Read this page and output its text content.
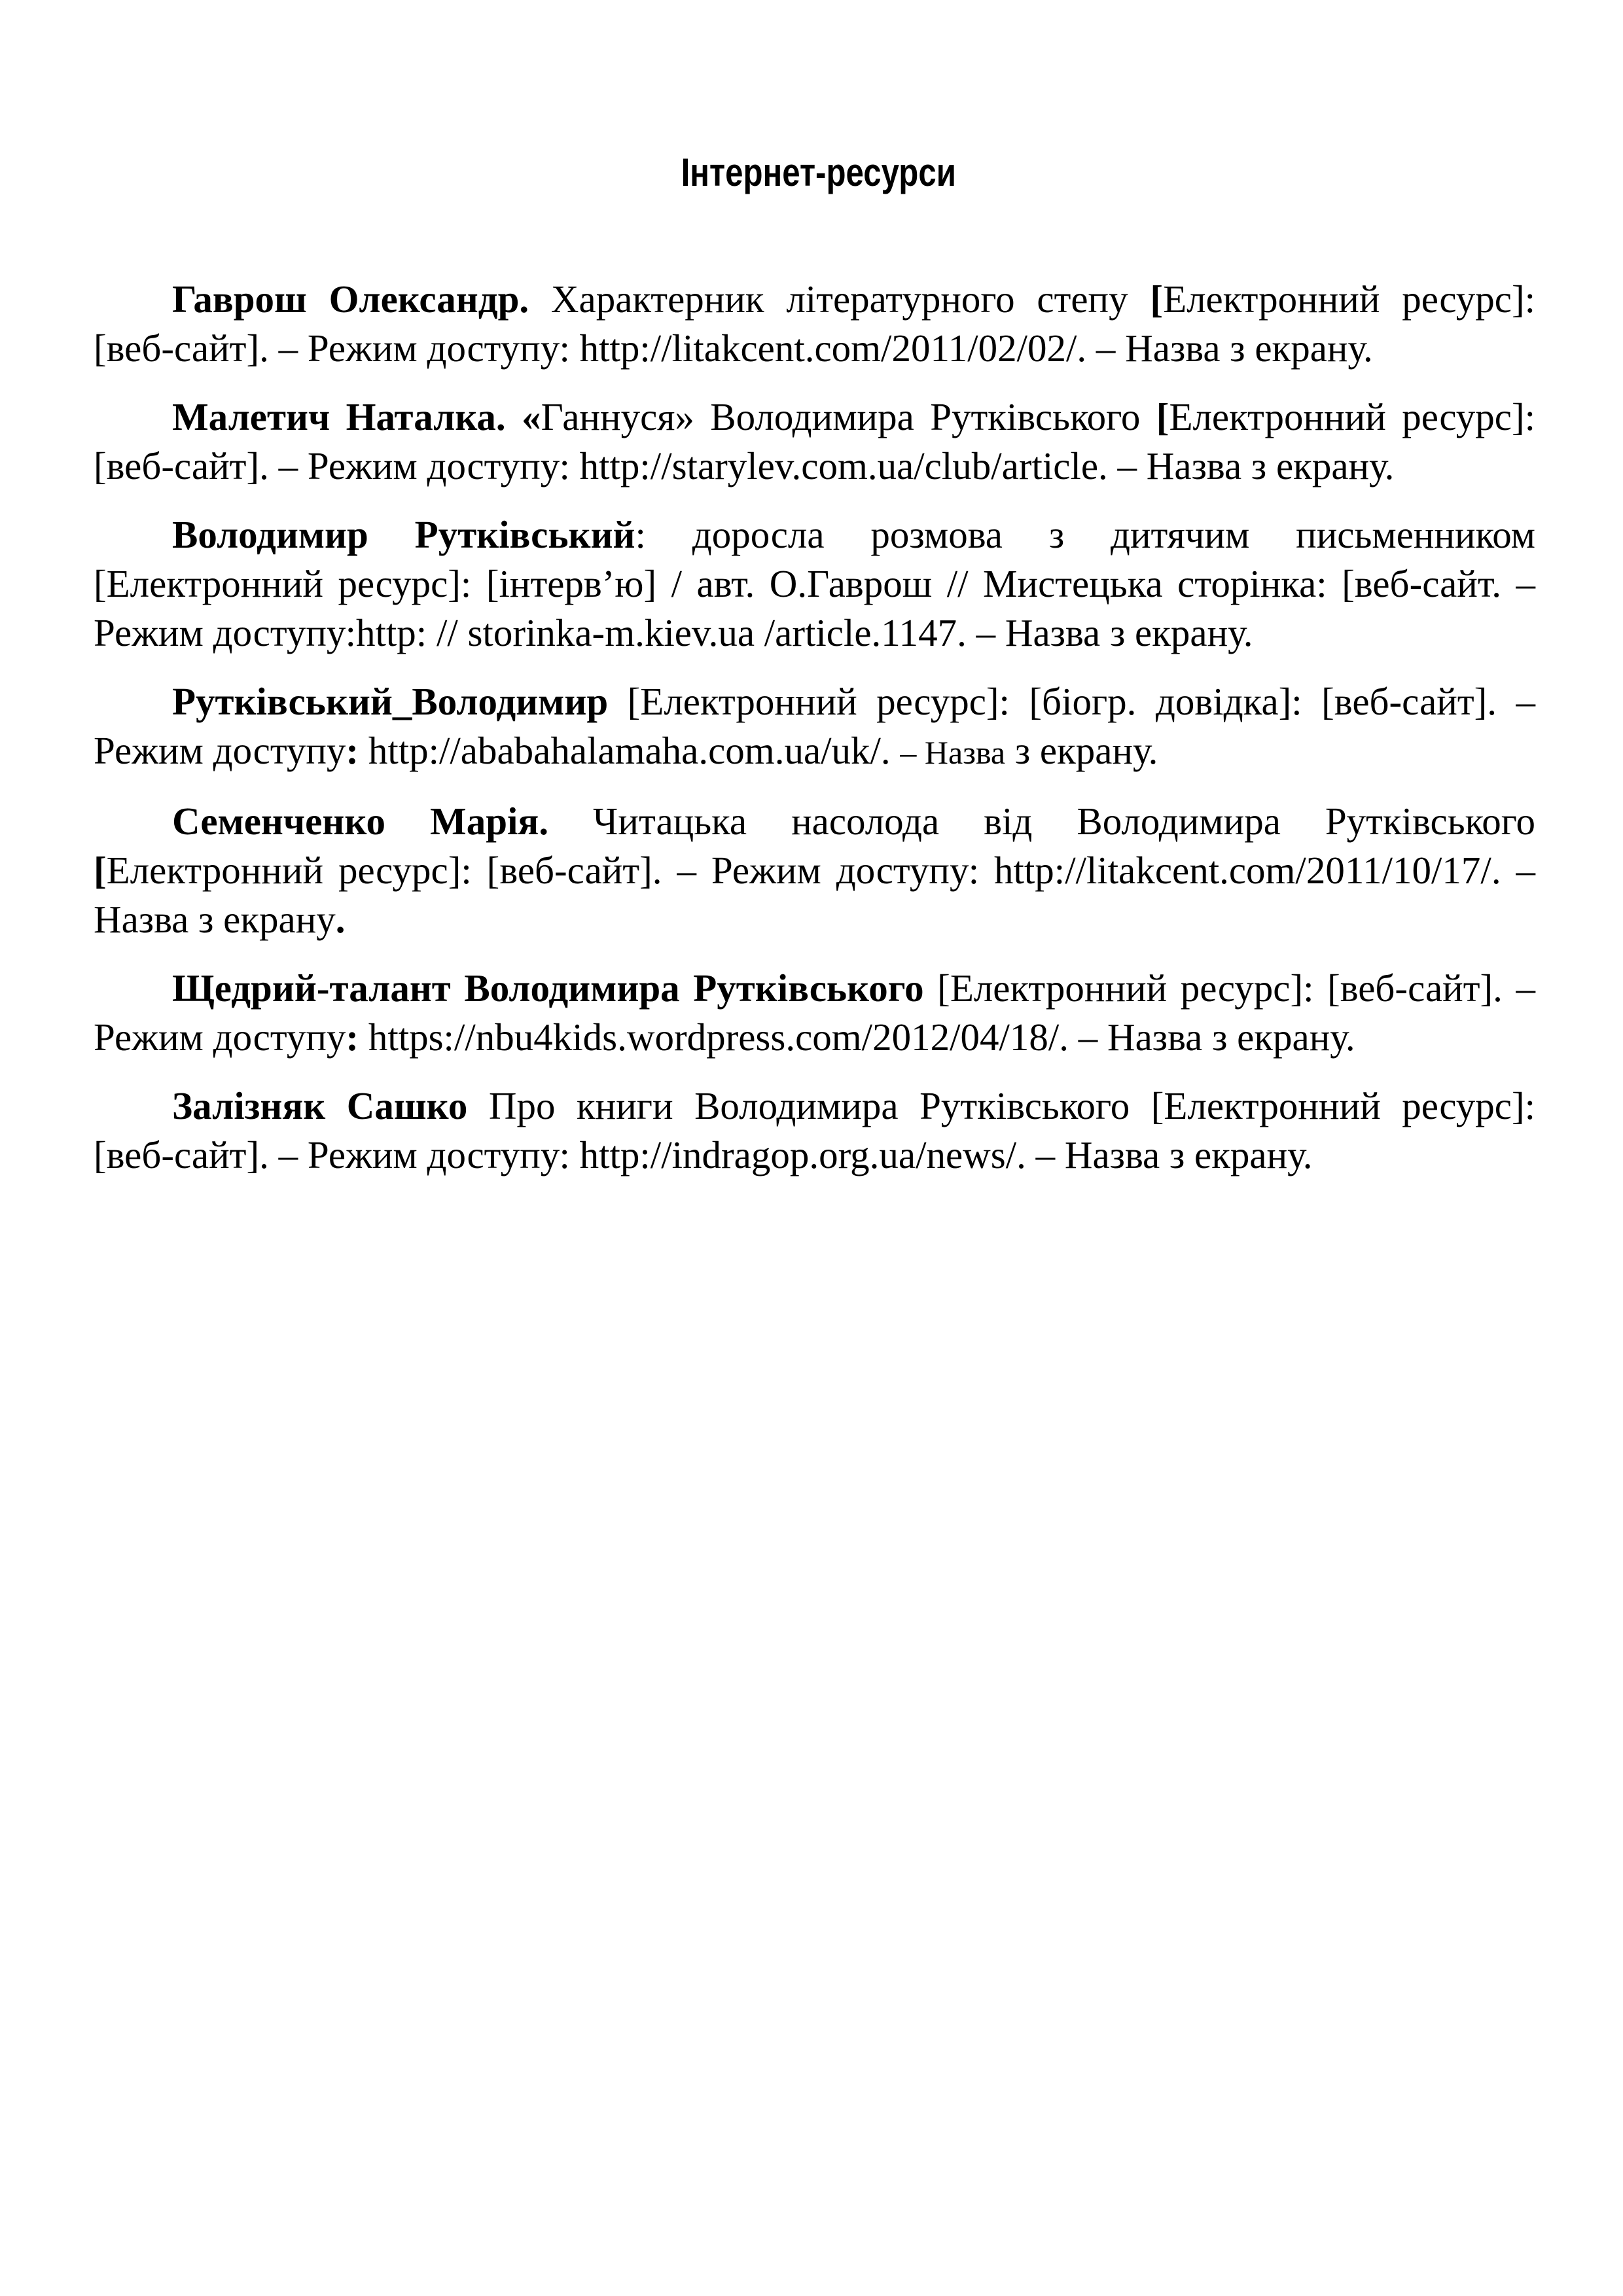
Інтернет-ресурси

Гаврош Олександр. Характерник літературного степу [Електронний ресурс]: [веб-сайт]. – Режим доступу: http://litakcent.com/2011/02/02/. – Назва з екрану.

Малетич Наталка. «Ганнуся» Володимира Рутківського [Електронний ресурс]: [веб-сайт]. – Режим доступу: http://starylev.com.ua/club/article. – Назва з екрану.

Володимир Рутківський: доросла розмова з дитячим письменником [Електронний ресурс]: [інтерв’ю] / авт. О.Гаврош // Мистецька сторінка: [веб-сайт. – Режим доступу:http: // storinka-m.kiev.ua /article.1147. – Назва з екрану.

Рутківський_Володимир [Електронний ресурс]: [біогр. довідка]: [веб-сайт]. – Режим доступу: http://ababahalamaha.com.ua/uk/. – Назва з екрану.

Семенченко Марія. Читацька насолода від Володимира Рутківського [Електронний ресурс]: [веб-сайт]. – Режим доступу: http://litakcent.com/2011/10/17/. – Назва з екрану.

Щедрий-талант Володимира Рутківського [Електронний ресурс]: [веб-сайт]. – Режим доступу: https://nbu4kids.wordpress.com/2012/04/18/. – Назва з екрану.

Залізняк Сашко Про книги Володимира Рутківського [Електронний ресурс]: [веб-сайт]. – Режим доступу: http://indragop.org.ua/news/. – Назва з екрану.
